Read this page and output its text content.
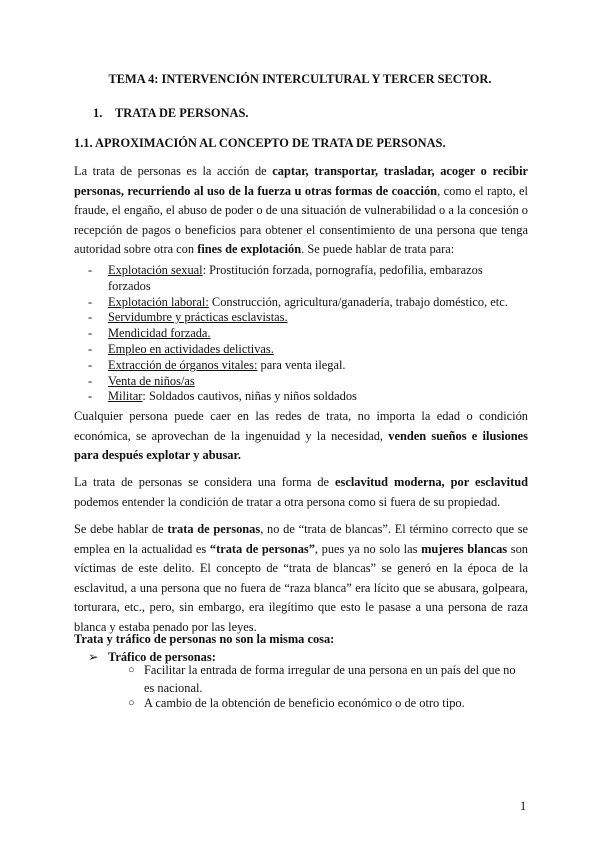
TEMA 4: INTERVENCIÓN INTERCULTURAL Y TERCER SECTOR.
1. TRATA DE PERSONAS.
1.1. APROXIMACIÓN AL CONCEPTO DE TRATA DE PERSONAS.

La trata de personas es la acción de captar, transportar, trasladar, acoger o recibir personas, recurriendo al uso de la fuerza u otras formas de coacción, como el rapto, el fraude, el engaño, el abuso de poder o de una situación de vulnerabilidad o a la concesión o recepción de pagos o beneficios para obtener el consentimiento de una persona que tenga autoridad sobre otra con fines de explotación. Se puede hablar de trata para:

- Explotación sexual: Prostitución forzada, pornografía, pedofilia, embarazos forzados
- Explotación laboral: Construcción, agricultura/ganadería, trabajo doméstico, etc.
- Servidumbre y prácticas esclavistas.
- Mendicidad forzada.
- Empleo en actividades delictivas.
- Extracción de órganos vitales: para venta ilegal.
- Venta de niños/as
- Militar: Soldados cautivos, niñas y niños soldados

Cualquier persona puede caer en las redes de trata, no importa la edad o condición económica, se aprovechan de la ingenuidad y la necesidad, venden sueños e ilusiones para después explotar y abusar.

La trata de personas se considera una forma de esclavitud moderna, por esclavitud podemos entender la condición de tratar a otra persona como si fuera de su propiedad.

Se debe hablar de trata de personas, no de “trata de blancas”. El término correcto que se emplea en la actualidad es “trata de personas”, pues ya no solo las mujeres blancas son víctimas de este delito. El concepto de “trata de blancas” se generó en la época de la esclavitud, a una persona que no fuera de “raza blanca” era lícito que se abusara, golpeara, torturara, etc., pero, sin embargo, era ilegítimo que esto le pasase a una persona de raza blanca y estaba penado por las leyes.

Trata y tráfico de personas no son la misma cosa:
➢ Tráfico de personas:
○ Facilitar la entrada de forma irregular de una persona en un país del que no es nacional.
○ A cambio de la obtención de beneficio económico o de otro tipo.
1
